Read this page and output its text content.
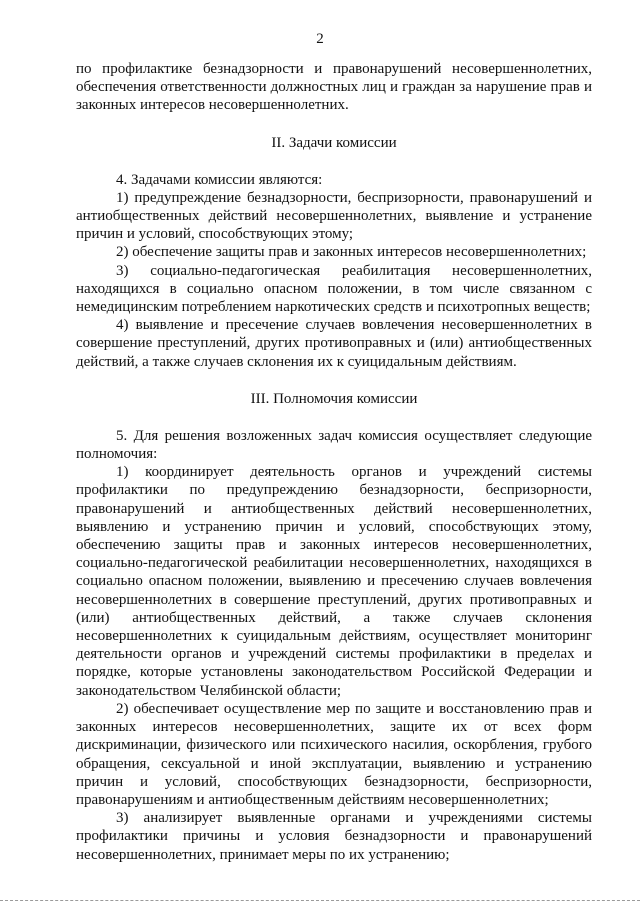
2

по профилактике безнадзорности и правонарушений несовершеннолетних, обеспечения ответственности должностных лиц и граждан за нарушение прав и законных интересов несовершеннолетних.

II. Задачи комиссии

4. Задачами комиссии являются:

1) предупреждение безнадзорности, беспризорности, правонарушений и антиобщественных действий несовершеннолетних, выявление и устранение причин и условий, способствующих этому;

2) обеспечение защиты прав и законных интересов несовершеннолетних;

3) социально-педагогическая реабилитация несовершеннолетних, находящихся в социально опасном положении, в том числе связанном с немедицинским потреблением наркотических средств и психотропных веществ;

4) выявление и пресечение случаев вовлечения несовершеннолетних в совершение преступлений, других противоправных и (или) антиобщественных действий, а также случаев склонения их к суицидальным действиям.

III. Полномочия комиссии

5. Для решения возложенных задач комиссия осуществляет следующие полномочия:

1) координирует деятельность органов и учреждений системы профилактики по предупреждению безнадзорности, беспризорности, правонарушений и антиобщественных действий несовершеннолетних, выявлению и устранению причин и условий, способствующих этому, обеспечению защиты прав и законных интересов несовершеннолетних, социально-педагогической реабилитации несовершеннолетних, находящихся в социально опасном положении, выявлению и пресечению случаев вовлечения несовершеннолетних в совершение преступлений, других противоправных и (или) антиобщественных действий, а также случаев склонения несовершеннолетних к суицидальным действиям, осуществляет мониторинг деятельности органов и учреждений системы профилактики в пределах и порядке, которые установлены законодательством Российской Федерации и законодательством Челябинской области;

2) обеспечивает осуществление мер по защите и восстановлению прав и законных интересов несовершеннолетних, защите их от всех форм дискриминации, физического или психического насилия, оскорбления, грубого обращения, сексуальной и иной эксплуатации, выявлению и устранению причин и условий, способствующих безнадзорности, беспризорности, правонарушениям и антиобщественным действиям несовершеннолетних;

3) анализирует выявленные органами и учреждениями системы профилактики причины и условия безнадзорности и правонарушений несовершеннолетних, принимает меры по их устранению;
